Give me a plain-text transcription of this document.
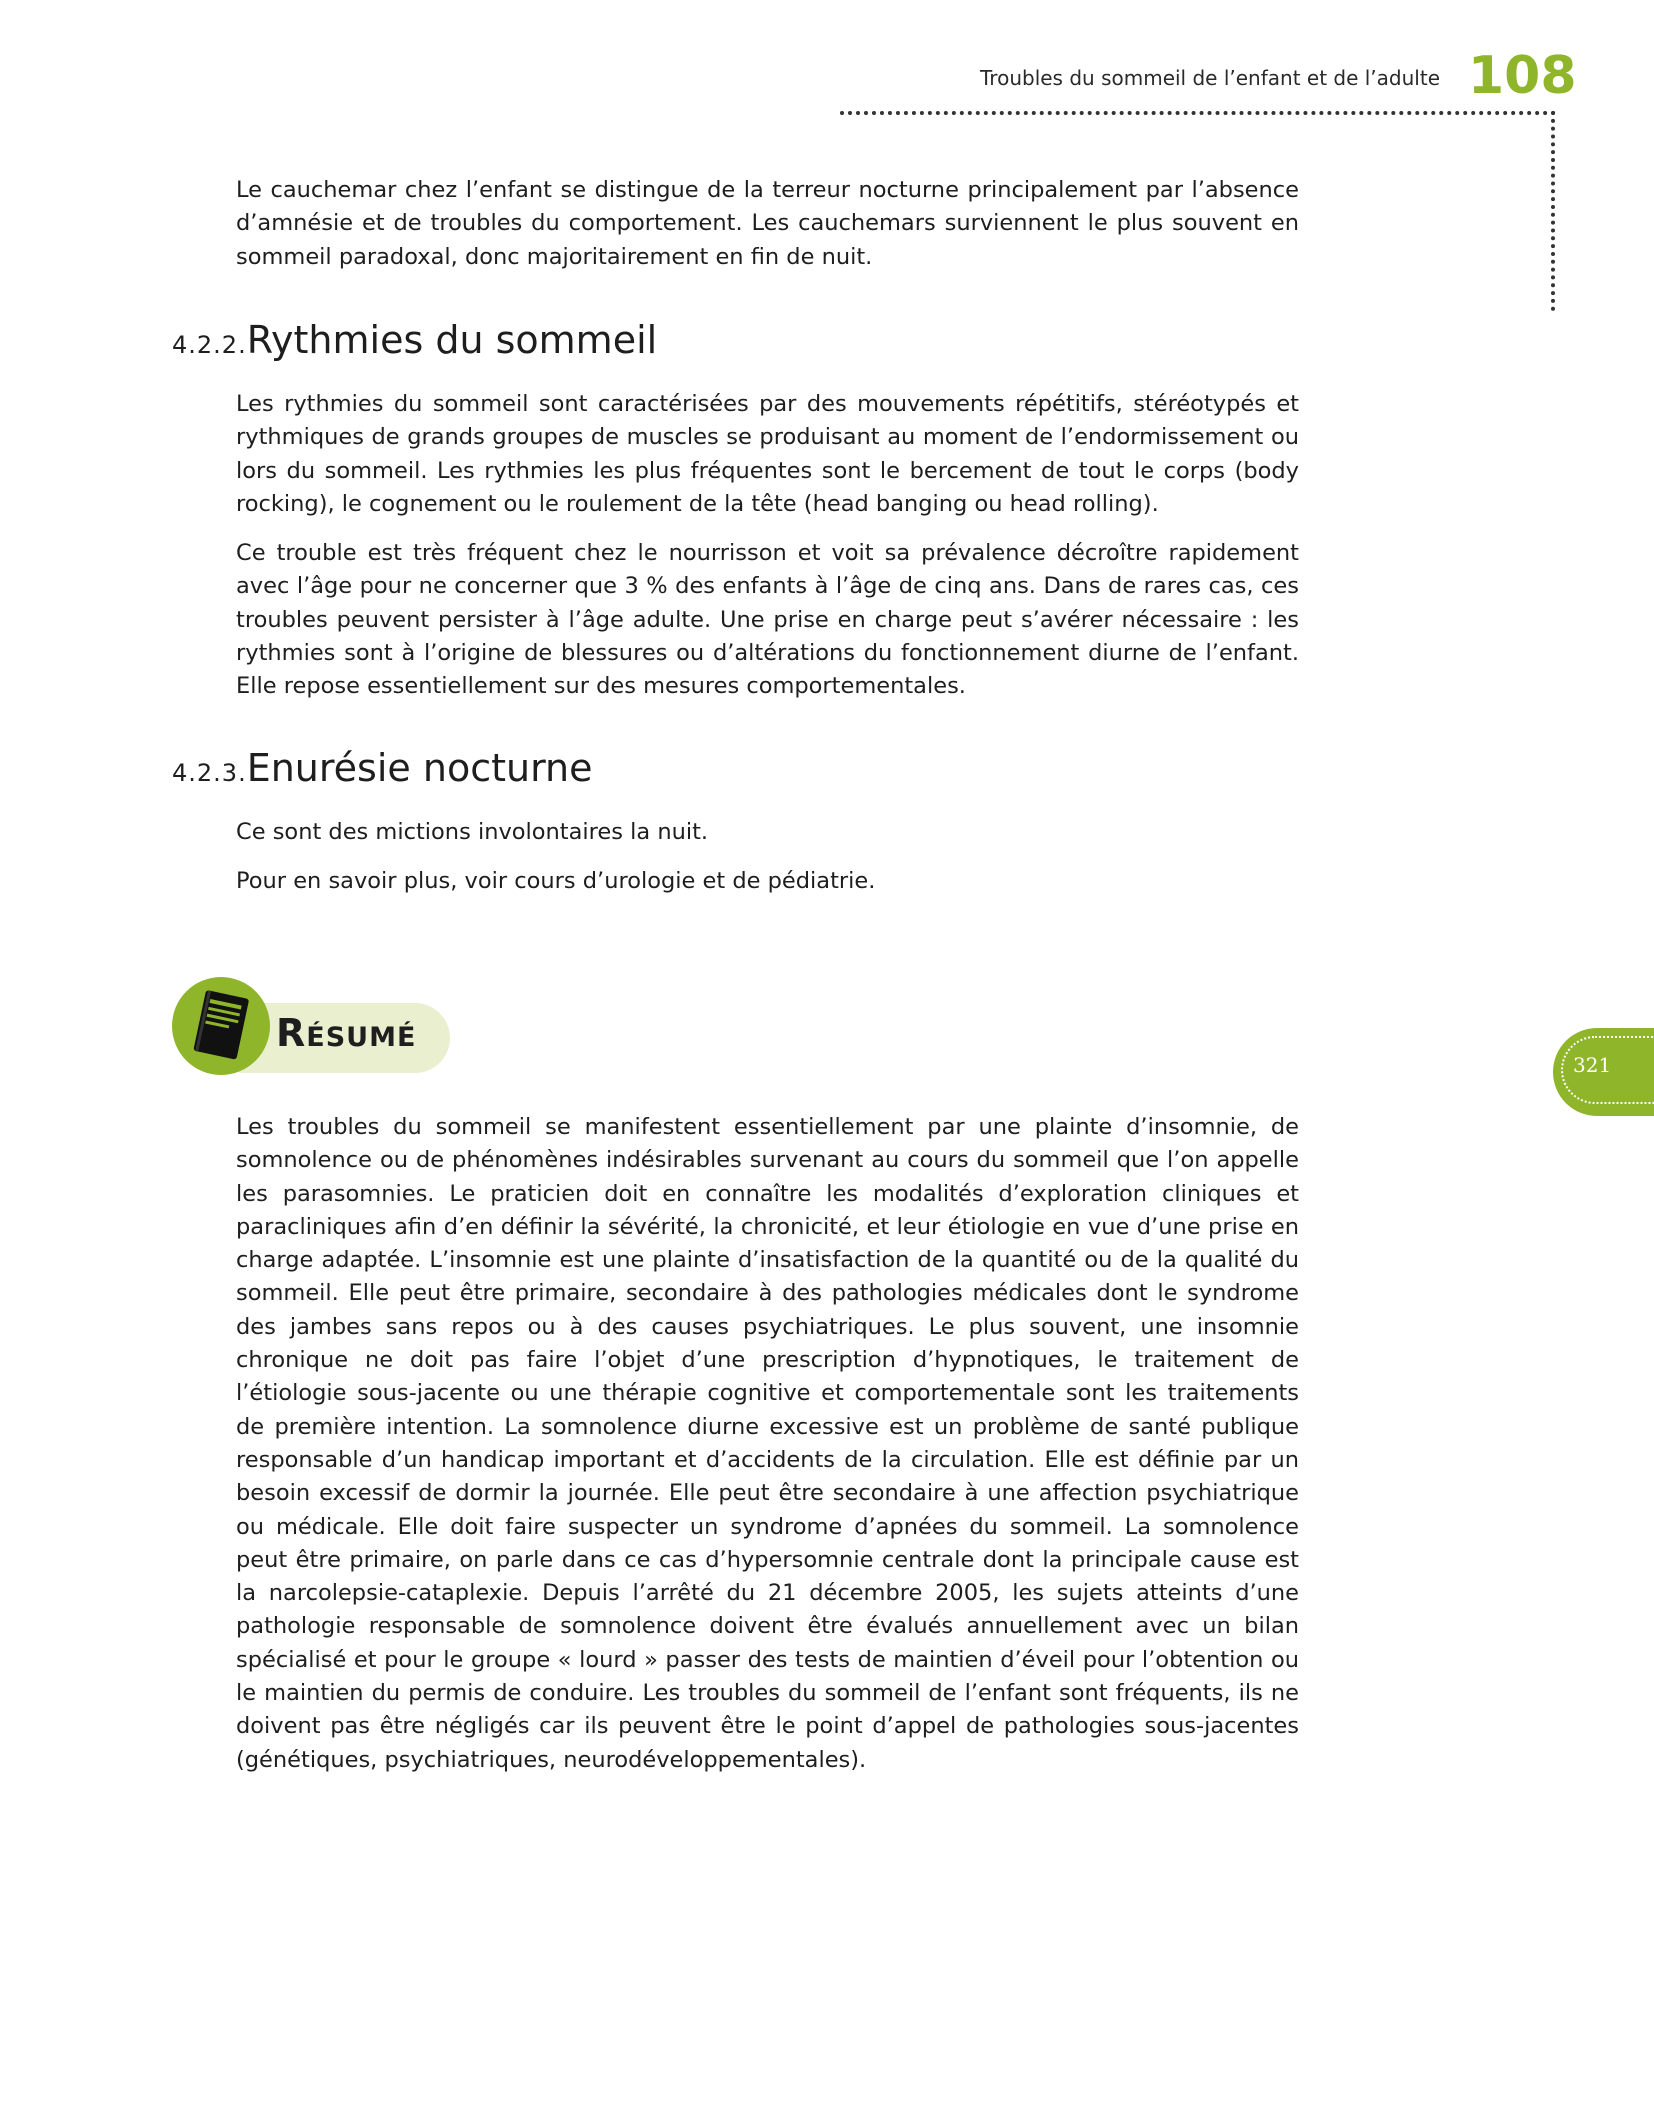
Troubles du sommeil de l’enfant et de l’adulte 108

Le cauchemar chez l’enfant se distingue de la terreur nocturne principalement par l’absence d’amnésie et de troubles du comportement. Les cauchemars surviennent le plus souvent en sommeil paradoxal, donc majoritairement en fin de nuit.

4.2.2.Rythmies du sommeil

Les rythmies du sommeil sont caractérisées par des mouvements répétitifs, stéréotypés et rythmiques de grands groupes de muscles se produisant au moment de l’endormissement ou lors du sommeil. Les rythmies les plus fréquentes sont le bercement de tout le corps (body rocking), le cognement ou le roulement de la tête (head banging ou head rolling).

Ce trouble est très fréquent chez le nourrisson et voit sa prévalence décroître rapidement avec l’âge pour ne concerner que 3 % des enfants à l’âge de cinq ans. Dans de rares cas, ces troubles peuvent persister à l’âge adulte. Une prise en charge peut s’avérer nécessaire : les rythmies sont à l’origine de blessures ou d’altérations du fonctionnement diurne de l’enfant. Elle repose essentiellement sur des mesures comportementales.

4.2.3.Enurésie nocturne

Ce sont des mictions involontaires la nuit.

Pour en savoir plus, voir cours d’urologie et de pédiatrie.

Résumé

Les troubles du sommeil se manifestent essentiellement par une plainte d’insomnie, de somnolence ou de phénomènes indésirables survenant au cours du sommeil que l’on appelle les parasomnies. Le praticien doit en connaître les modalités d’exploration cliniques et paracliniques afin d’en définir la sévérité, la chronicité, et leur étiologie en vue d’une prise en charge adaptée. L’insomnie est une plainte d’insatisfaction de la quantité ou de la qualité du sommeil. Elle peut être primaire, secondaire à des pathologies médicales dont le syndrome des jambes sans repos ou à des causes psychiatriques. Le plus souvent, une insomnie chronique ne doit pas faire l’objet d’une prescription d’hypnotiques, le traitement de l’étiologie sous-jacente ou une thérapie cognitive et comportementale sont les traitements de première intention. La somnolence diurne excessive est un problème de santé publique responsable d’un handicap important et d’accidents de la circulation. Elle est définie par un besoin excessif de dormir la journée. Elle peut être secondaire à une affection psychiatrique ou médicale. Elle doit faire suspecter un syndrome d’apnées du sommeil. La somnolence peut être primaire, on parle dans ce cas d’hypersomnie centrale dont la principale cause est la narcolepsie-cataplexie. Depuis l’arrêté du 21 décembre 2005, les sujets atteints d’une pathologie responsable de somnolence doivent être évalués annuellement avec un bilan spécialisé et pour le groupe « lourd » passer des tests de maintien d’éveil pour l’obtention ou le maintien du permis de conduire. Les troubles du sommeil de l’enfant sont fréquents, ils ne doivent pas être négligés car ils peuvent être le point d’appel de pathologies sous-jacentes (génétiques, psychiatriques, neurodéveloppementales).

321
